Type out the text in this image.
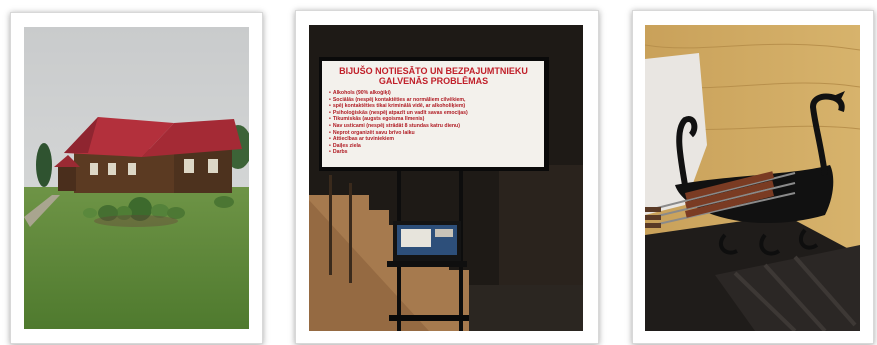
BIJUŠO NOTIESĀTO UN BEZPAJUMTNIEKU
GALVENĀS PROBLĒMAS
• Alkohols (90% alkoģiķi)
• Sociālās (nespēj kontaktēties ar normāliem cilvēkiem,
• spēj kontaktēties tikai kriminālā vidē, ar alkoholiķiem)
• Psiholoģiskās (nespēj atpazīt un vadīt savas emocijas)
• Tikumiskās (augsts egoisma līmenis)
• Nav usticami (nespēj strādāt 8 stundas katru dienu)
• Neprot organizēt savu brīvo laiku
• Attiecības ar tuviniekiem
• Daiļes ziela
• Darbs
